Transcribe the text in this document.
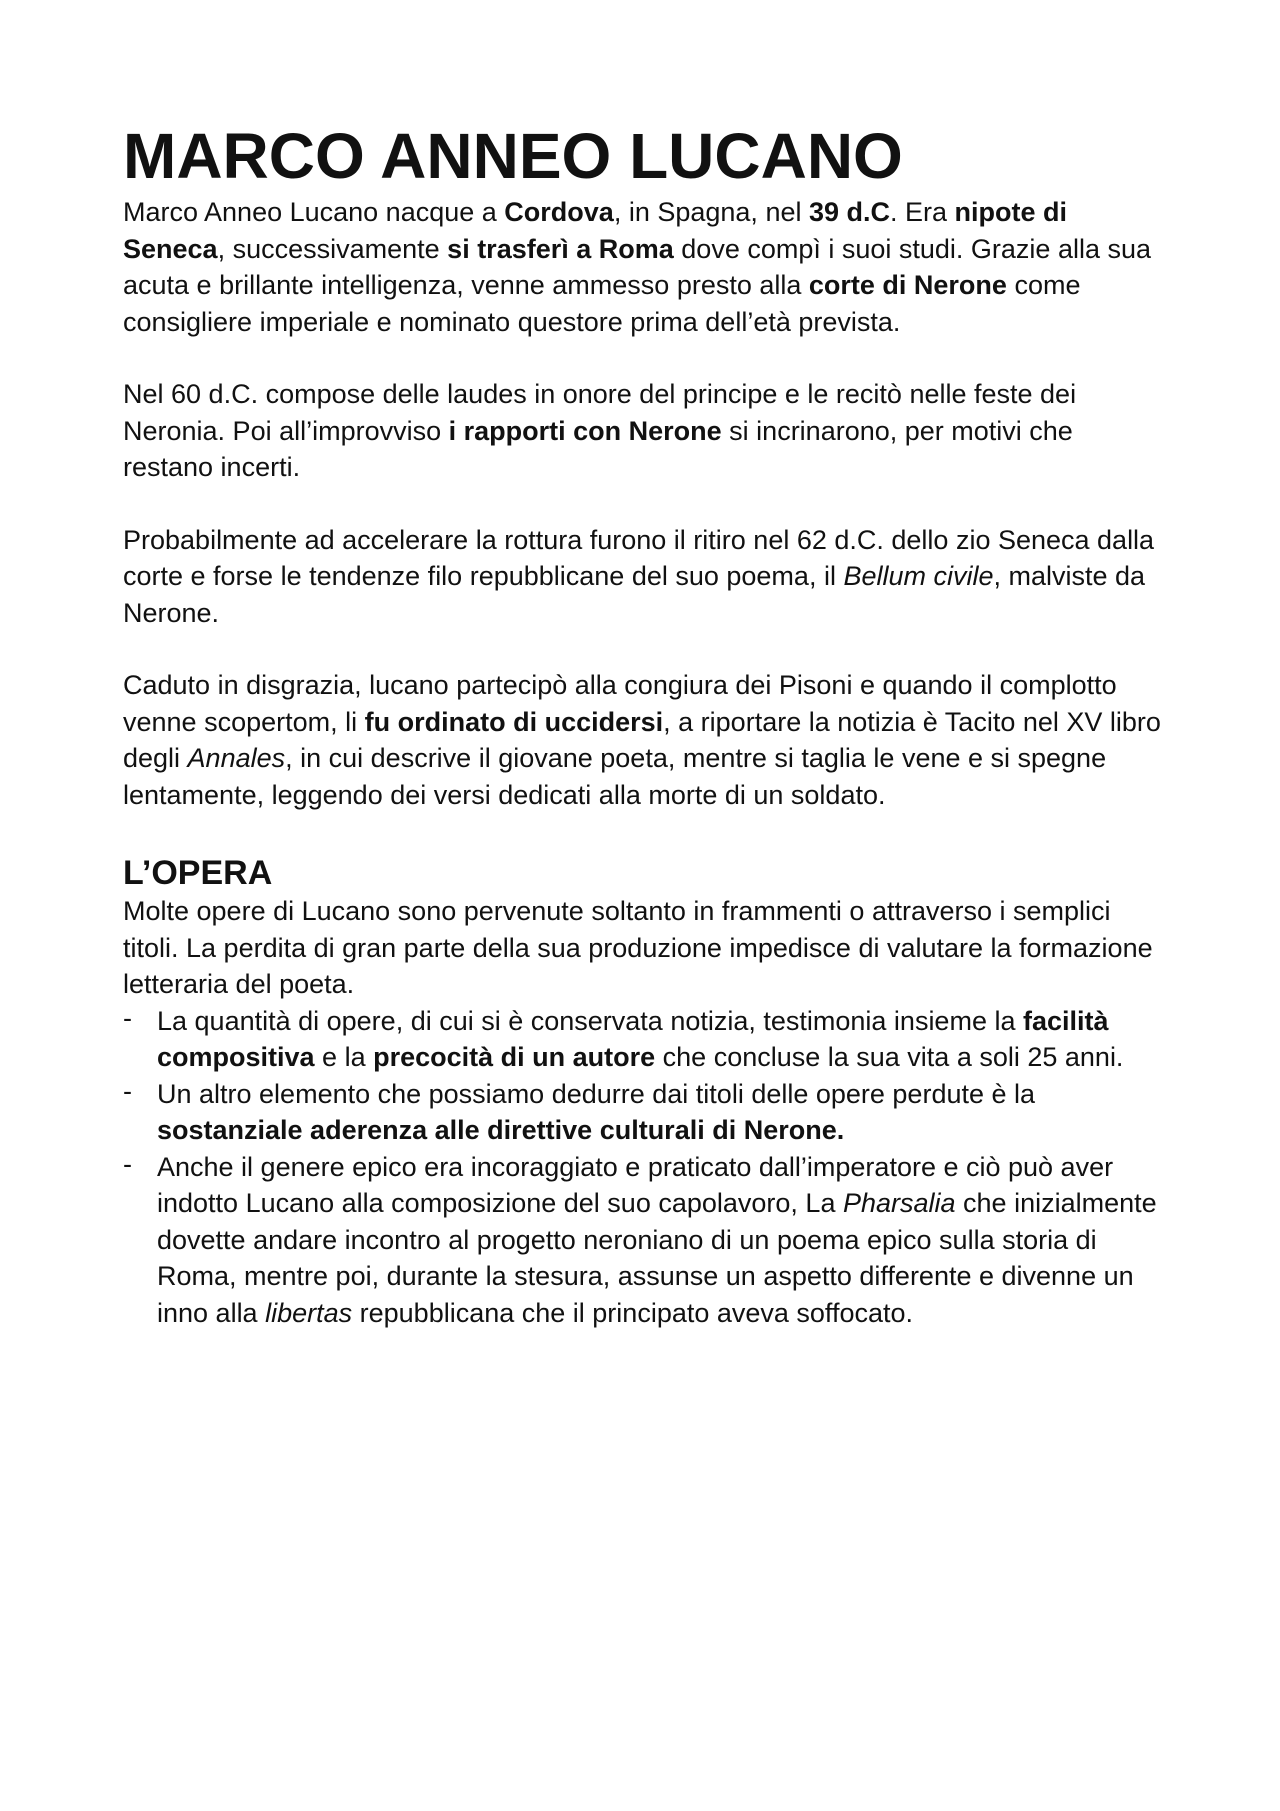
MARCO ANNEO LUCANO

Marco Anneo Lucano nacque a Cordova, in Spagna, nel 39 d.C. Era nipote di Seneca, successivamente si trasferì a Roma dove compì i suoi studi. Grazie alla sua acuta e brillante intelligenza, venne ammesso presto alla corte di Nerone come consigliere imperiale e nominato questore prima dell’età prevista.

Nel 60 d.C. compose delle laudes in onore del principe e le recitò nelle feste dei Neronia. Poi all’improvviso i rapporti con Nerone si incrinarono, per motivi che restano incerti.

Probabilmente ad accelerare la rottura furono il ritiro nel 62 d.C. dello zio Seneca dalla corte e forse le tendenze filo repubblicane del suo poema, il Bellum civile, malviste da Nerone.

Caduto in disgrazia, lucano partecipò alla congiura dei Pisoni e quando il complotto venne scopertom, li fu ordinato di uccidersi, a riportare la notizia è Tacito nel XV libro degli Annales, in cui descrive il giovane poeta, mentre si taglia le vene e si spegne lentamente, leggendo dei versi dedicati alla morte di un soldato.

L’OPERA

Molte opere di Lucano sono pervenute soltanto in frammenti o attraverso i semplici titoli. La perdita di gran parte della sua produzione impedisce di valutare la formazione letteraria del poeta.

- La quantità di opere, di cui si è conservata notizia, testimonia insieme la facilità compositiva e la precocità di un autore che concluse la sua vita a soli 25 anni.
- Un altro elemento che possiamo dedurre dai titoli delle opere perdute è la sostanziale aderenza alle direttive culturali di Nerone.
- Anche il genere epico era incoraggiato e praticato dall’imperatore e ciò può aver indotto Lucano alla composizione del suo capolavoro, La Pharsalia che inizialmente dovette andare incontro al progetto neroniano di un poema epico sulla storia di Roma, mentre poi, durante la stesura, assunse un aspetto differente e divenne un inno alla libertas repubblicana che il principato aveva soffocato.
